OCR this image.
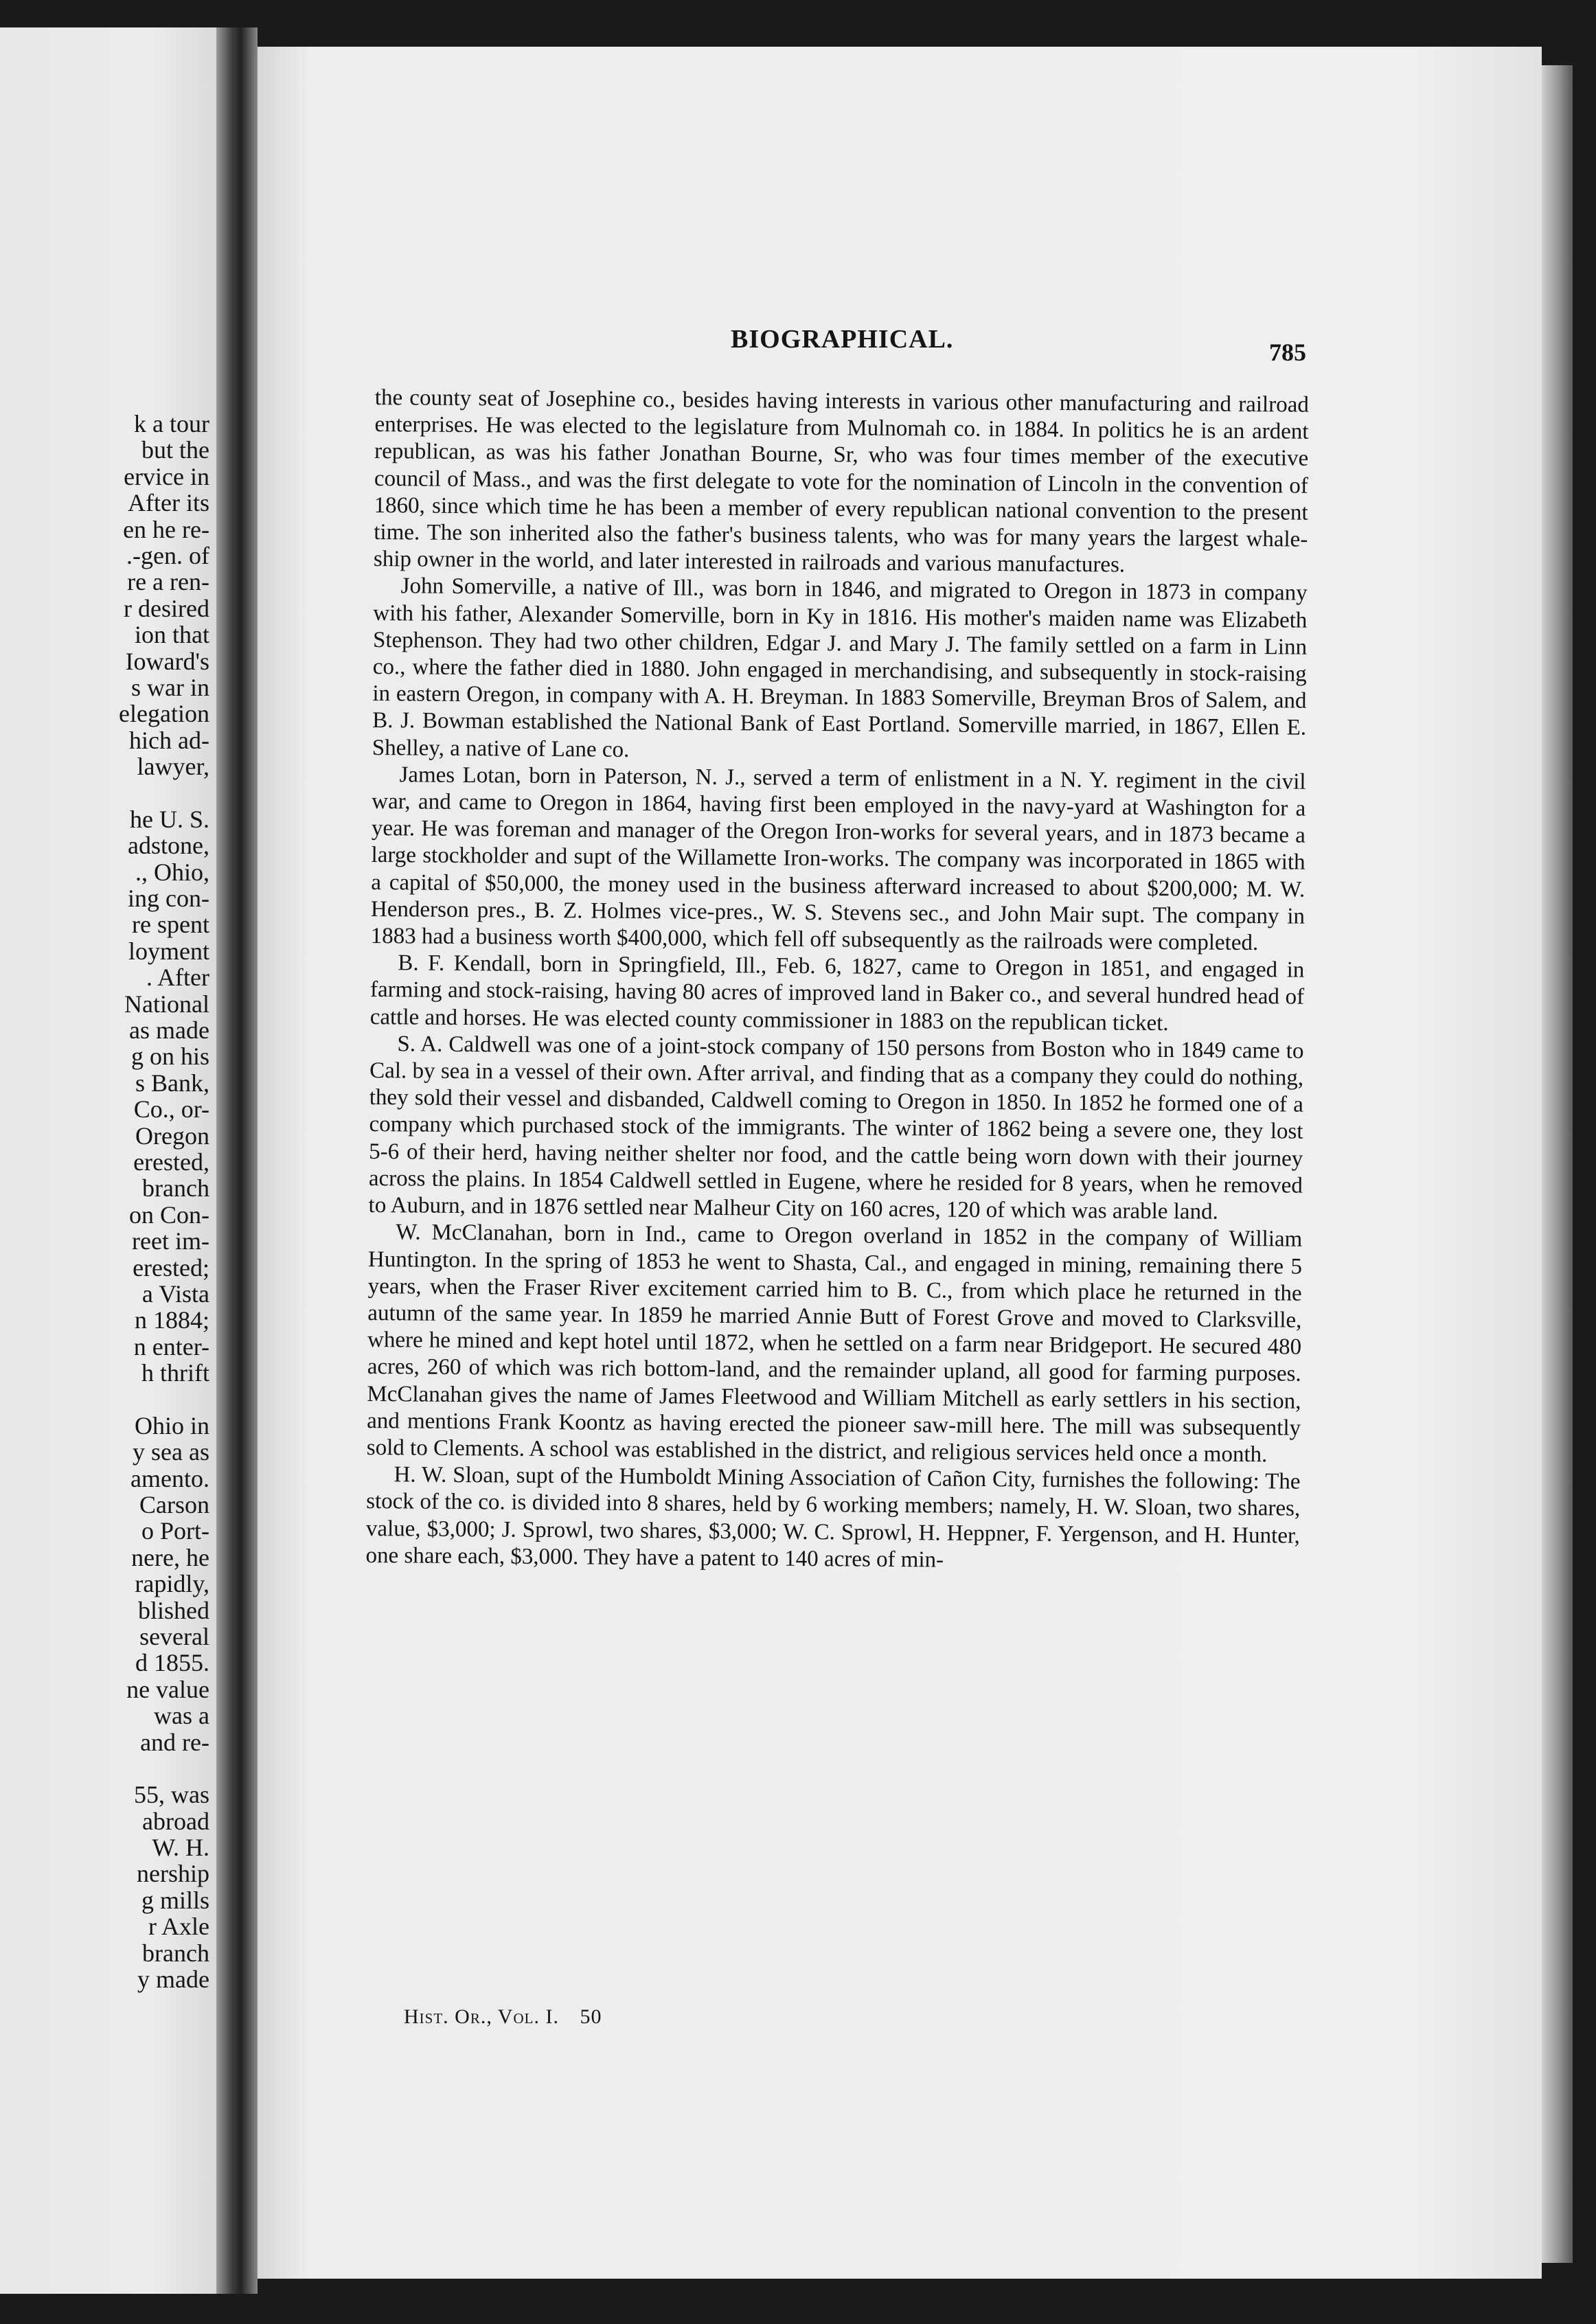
k a tour
but the
ervice in
After its
en he re-
.-gen. of
re a ren-
r desired
ion that
Ioward's
s war in
elegation
hich ad-
lawyer,
he U. S.
adstone,
., Ohio,
ing con-
re spent
loyment
. After
National
as made
g on his
s Bank,
Co., or-
Oregon
erested,
branch
on Con-
reet im-
erested;
a Vista
n 1884;
n enter-
h thrift
Ohio in
y sea as
amento.
Carson
o Port-
nere, he
rapidly,
blished
several
d 1855.
ne value
was a
and re-
55, was
abroad
W. H.
nership
g mills
r Axle
branch
y made
BIOGRAPHICAL.	785

the county seat of Josephine co., besides having interests in various other manufacturing and railroad enterprises. He was elected to the legislature from Mulnomah co. in 1884. In politics he is an ardent republican, as was his father Jonathan Bourne, Sr, who was four times member of the executive council of Mass., and was the first delegate to vote for the nomination of Lincoln in the convention of 1860, since which time he has been a member of every republican national convention to the present time. The son inherited also the father's business talents, who was for many years the largest whale-ship owner in the world, and later interested in railroads and various manufactures.

John Somerville, a native of Ill., was born in 1846, and migrated to Oregon in 1873 in company with his father, Alexander Somerville, born in Ky in 1816. His mother's maiden name was Elizabeth Stephenson. They had two other children, Edgar J. and Mary J. The family settled on a farm in Linn co., where the father died in 1880. John engaged in merchandising, and subsequently in stock-raising in eastern Oregon, in company with A. H. Breyman. In 1883 Somerville, Breyman Bros of Salem, and B. J. Bowman established the National Bank of East Portland. Somerville married, in 1867, Ellen E. Shelley, a native of Lane co.

James Lotan, born in Paterson, N. J., served a term of enlistment in a N. Y. regiment in the civil war, and came to Oregon in 1864, having first been employed in the navy-yard at Washington for a year. He was foreman and manager of the Oregon Iron-works for several years, and in 1873 became a large stockholder and supt of the Willamette Iron-works. The company was incorporated in 1865 with a capital of $50,000, the money used in the business afterward increased to about $200,000; M. W. Henderson pres., B. Z. Holmes vice-pres., W. S. Stevens sec., and John Mair supt. The company in 1883 had a business worth $400,000, which fell off subsequently as the railroads were completed.

B. F. Kendall, born in Springfield, Ill., Feb. 6, 1827, came to Oregon in 1851, and engaged in farming and stock-raising, having 80 acres of improved land in Baker co., and several hundred head of cattle and horses. He was elected county commissioner in 1883 on the republican ticket.

S. A. Caldwell was one of a joint-stock company of 150 persons from Boston who in 1849 came to Cal. by sea in a vessel of their own. After arrival, and finding that as a company they could do nothing, they sold their vessel and disbanded, Caldwell coming to Oregon in 1850. In 1852 he formed one of a company which purchased stock of the immigrants. The winter of 1862 being a severe one, they lost 5-6 of their herd, having neither shelter nor food, and the cattle being worn down with their journey across the plains. In 1854 Caldwell settled in Eugene, where he resided for 8 years, when he removed to Auburn, and in 1876 settled near Malheur City on 160 acres, 120 of which was arable land.

W. McClanahan, born in Ind., came to Oregon overland in 1852 in the company of William Huntington. In the spring of 1853 he went to Shasta, Cal., and engaged in mining, remaining there 5 years, when the Fraser River excitement carried him to B. C., from which place he returned in the autumn of the same year. In 1859 he married Annie Butt of Forest Grove and moved to Clarksville, where he mined and kept hotel until 1872, when he settled on a farm near Bridgeport. He secured 480 acres, 260 of which was rich bottom-land, and the remainder upland, all good for farming purposes. McClanahan gives the name of James Fleetwood and William Mitchell as early settlers in his section, and mentions Frank Koontz as having erected the pioneer saw-mill here. The mill was subsequently sold to Clements. A school was established in the district, and religious services held once a month.

H. W. Sloan, supt of the Humboldt Mining Association of Cañon City, furnishes the following: The stock of the co. is divided into 8 shares, held by 6 working members; namely, H. W. Sloan, two shares, value, $3,000; J. Sprowl, two shares, $3,000; W. C. Sprowl, H. Heppner, F. Yergenson, and H. Hunter, one share each, $3,000. They have a patent to 140 acres of min-

Hist. Or., Vol. I. 50
